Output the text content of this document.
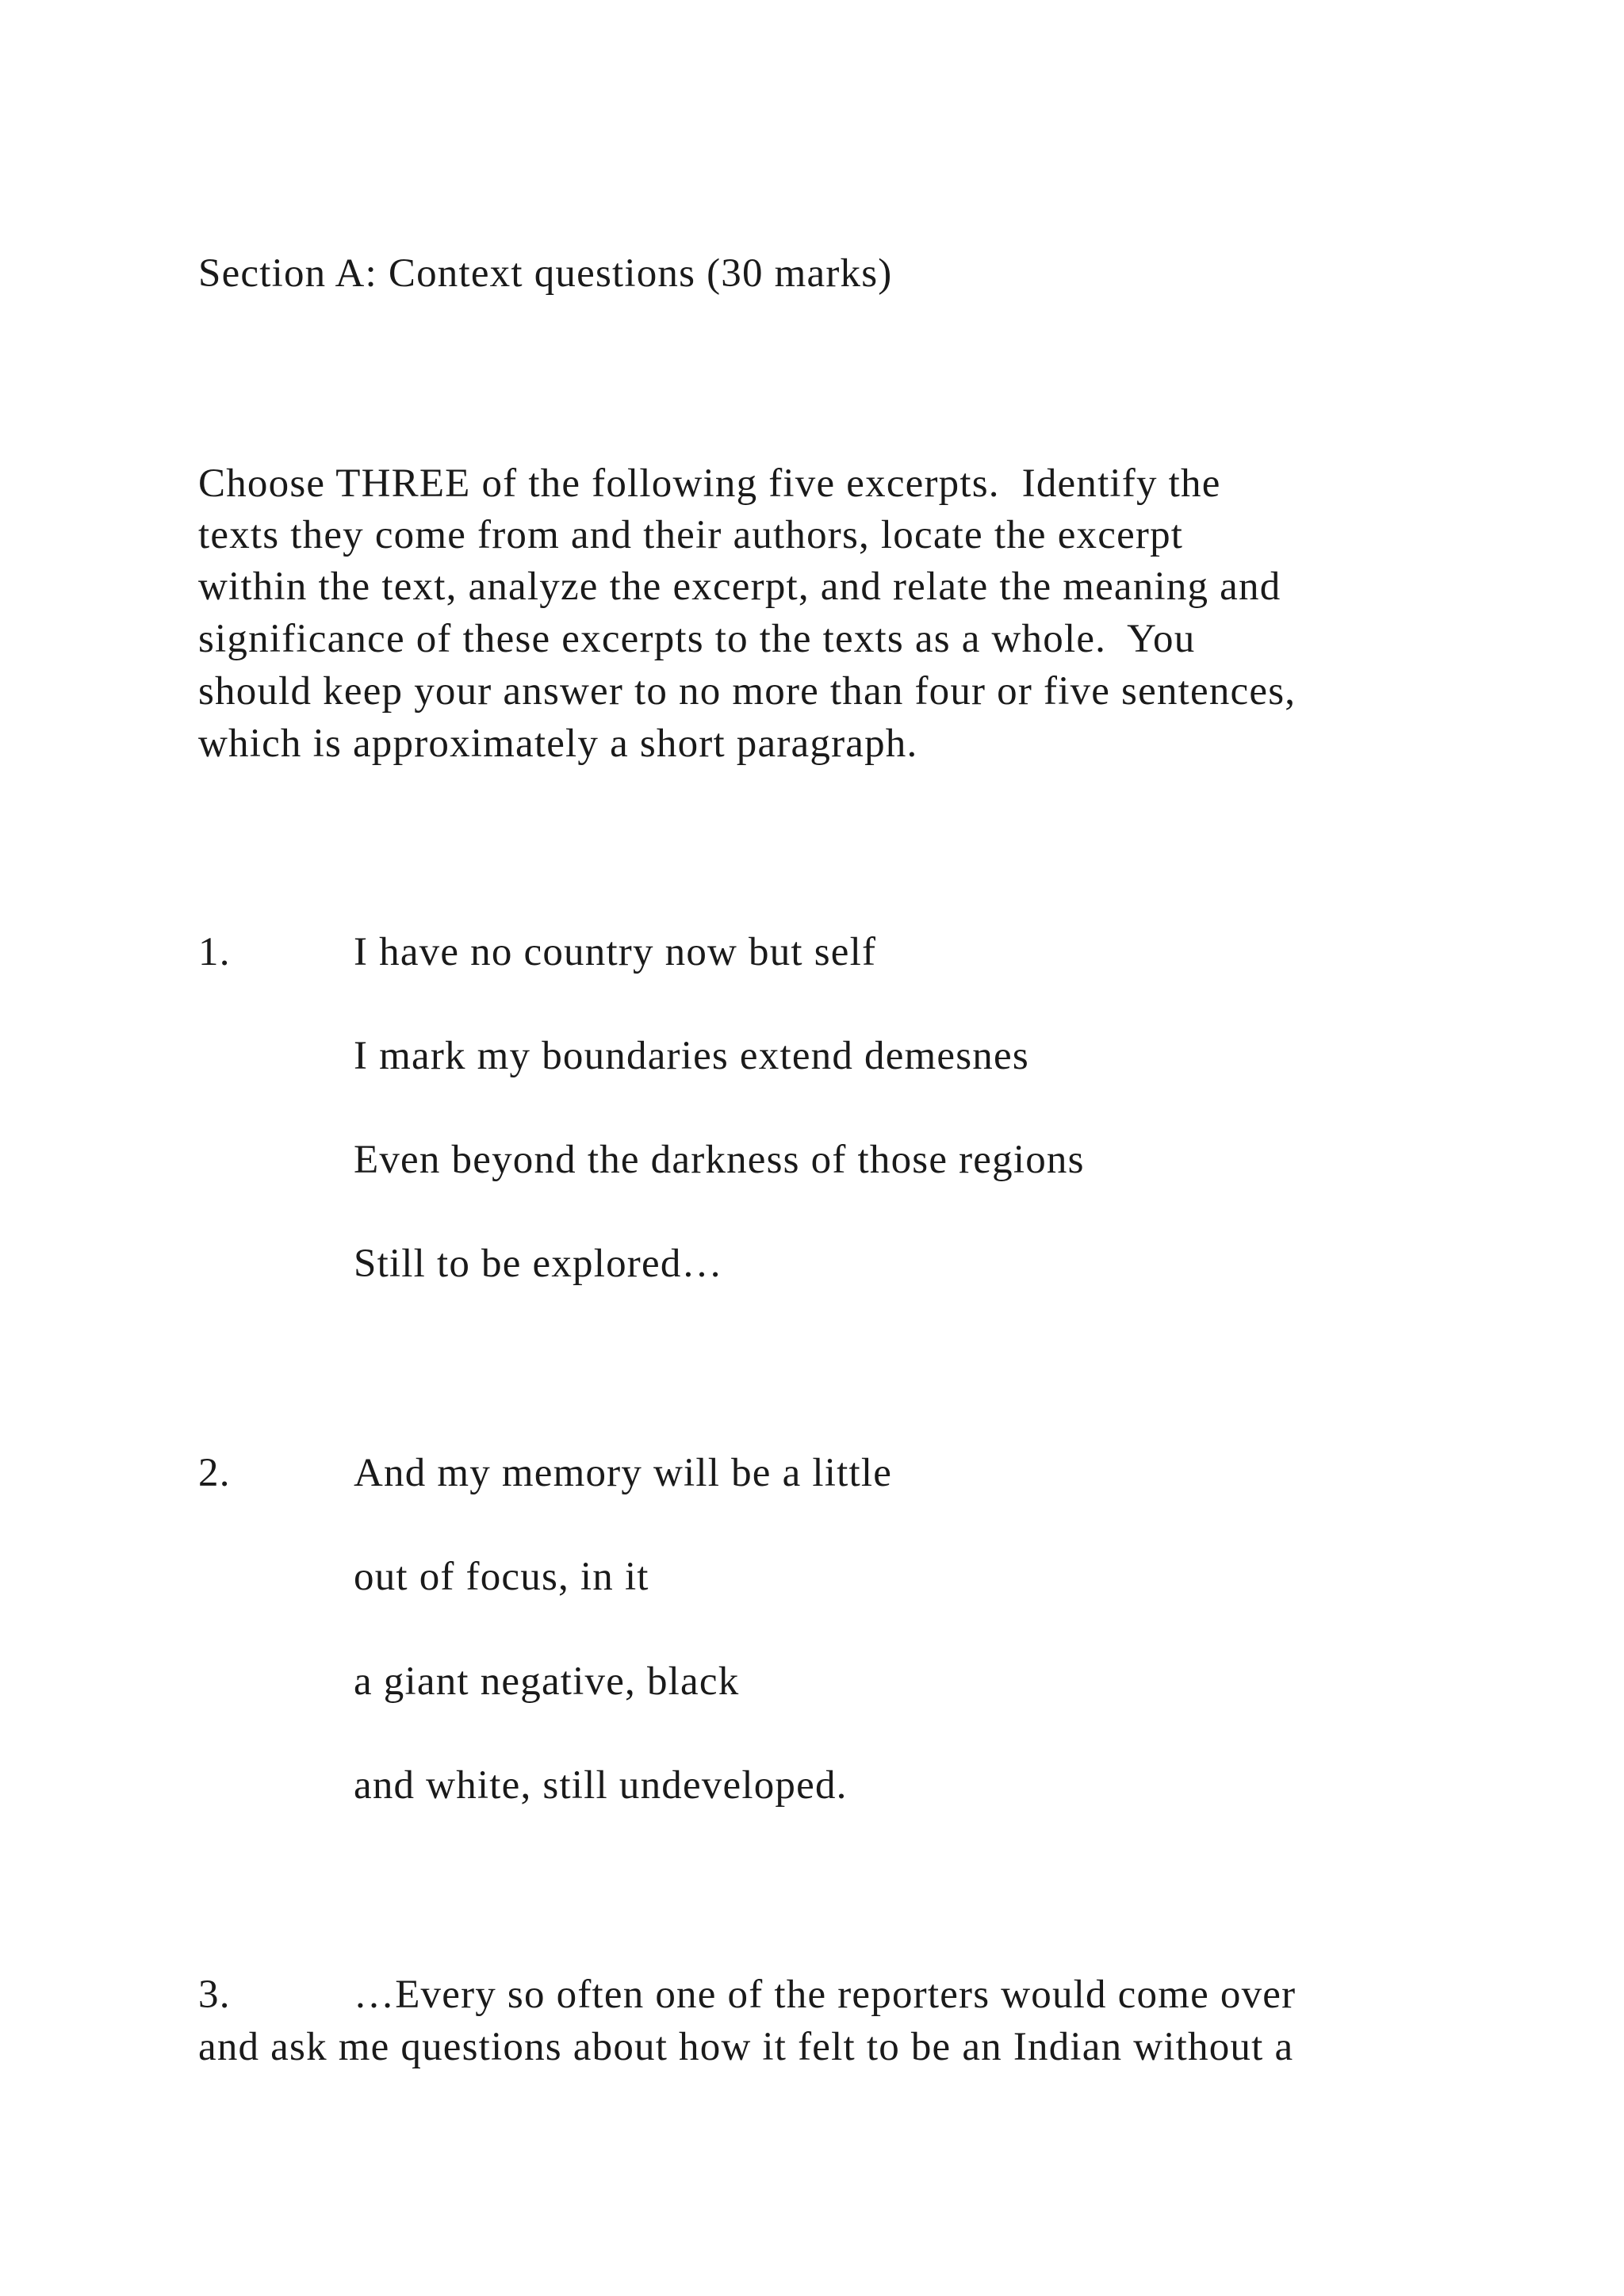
Section A: Context questions (30 marks)
Choose THREE of the following five excerpts.  Identify the
texts they come from and their authors, locate the excerpt
within the text, analyze the excerpt, and relate the meaning and
significance of these excerpts to the texts as a whole.  You
should keep your answer to no more than four or five sentences,
which is approximately a short paragraph.
1.	I have no country now but self
I mark my boundaries extend demesnes
Even beyond the darkness of those regions
Still to be explored…
2.	And my memory will be a little
out of focus, in it
a giant negative, black
and white, still undeveloped.
3.	…Every so often one of the reporters would come over
and ask me questions about how it felt to be an Indian without a
